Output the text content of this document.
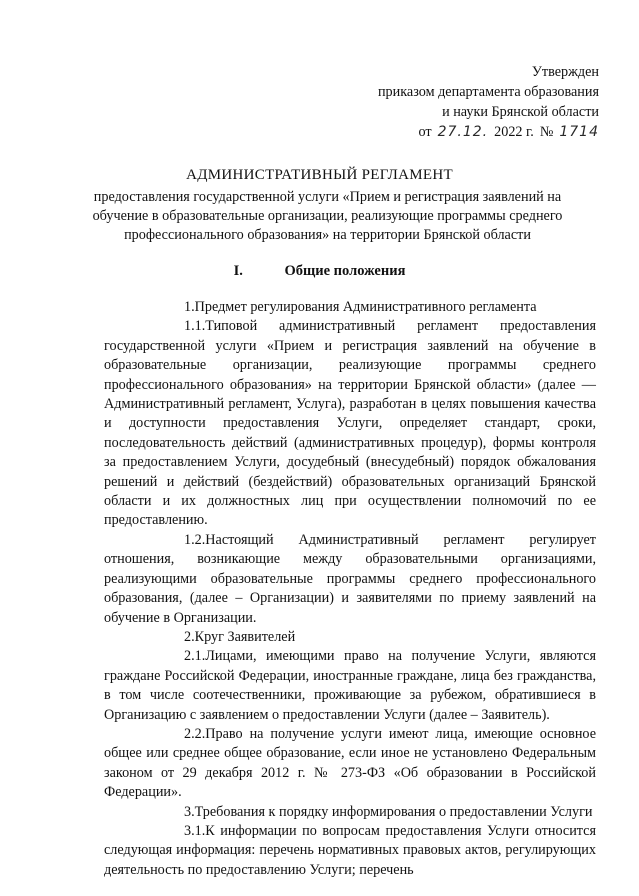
Утвержден
приказом департамента образования
и науки Брянской области
от 27.12. 2022 г. № 1714
АДМИНИСТРАТИВНЫЙ РЕГЛАМЕНТ
предоставления государственной услуги «Прием и регистрация заявлений на обучение в образовательные организации, реализующие программы среднего профессионального образования» на территории Брянской области
I.	Общие положения

1.Предмет регулирования Административного регламента

1.1.Типовой административный регламент предоставления государственной услуги «Прием и регистрация заявлений на обучение в образовательные организации, реализующие программы среднего профессионального образования» на территории Брянской области» (далее — Административный регламент, Услуга), разработан в целях повышения качества и доступности предоставления Услуги, определяет стандарт, сроки, последовательность действий (административных процедур), формы контроля за предоставлением Услуги, досудебный (внесудебный) порядок обжалования решений и действий (бездействий) образовательных организаций Брянской области и их должностных лиц при осуществлении полномочий по ее предоставлению.

1.2.Настоящий Административный регламент регулирует отношения, возникающие между образовательными организациями, реализующими образовательные программы среднего профессионального образования, (далее – Организации) и заявителями по приему заявлений на обучение в Организации.

2.Круг Заявителей

2.1.Лицами, имеющими право на получение Услуги, являются граждане Российской Федерации, иностранные граждане, лица без гражданства, в том числе соотечественники, проживающие за рубежом, обратившиеся в Организацию с заявлением о предоставлении Услуги (далее – Заявитель).

2.2.Право на получение услуги имеют лица, имеющие основное общее или среднее общее образование, если иное не установлено Федеральным законом от 29 декабря 2012 г. № 273-ФЗ «Об образовании в Российской Федерации».

3.Требования к порядку информирования о предоставлении Услуги

3.1.К информации по вопросам предоставления Услуги относится следующая информация: перечень нормативных правовых актов, регулирующих деятельность по предоставлению Услуги; перечень
